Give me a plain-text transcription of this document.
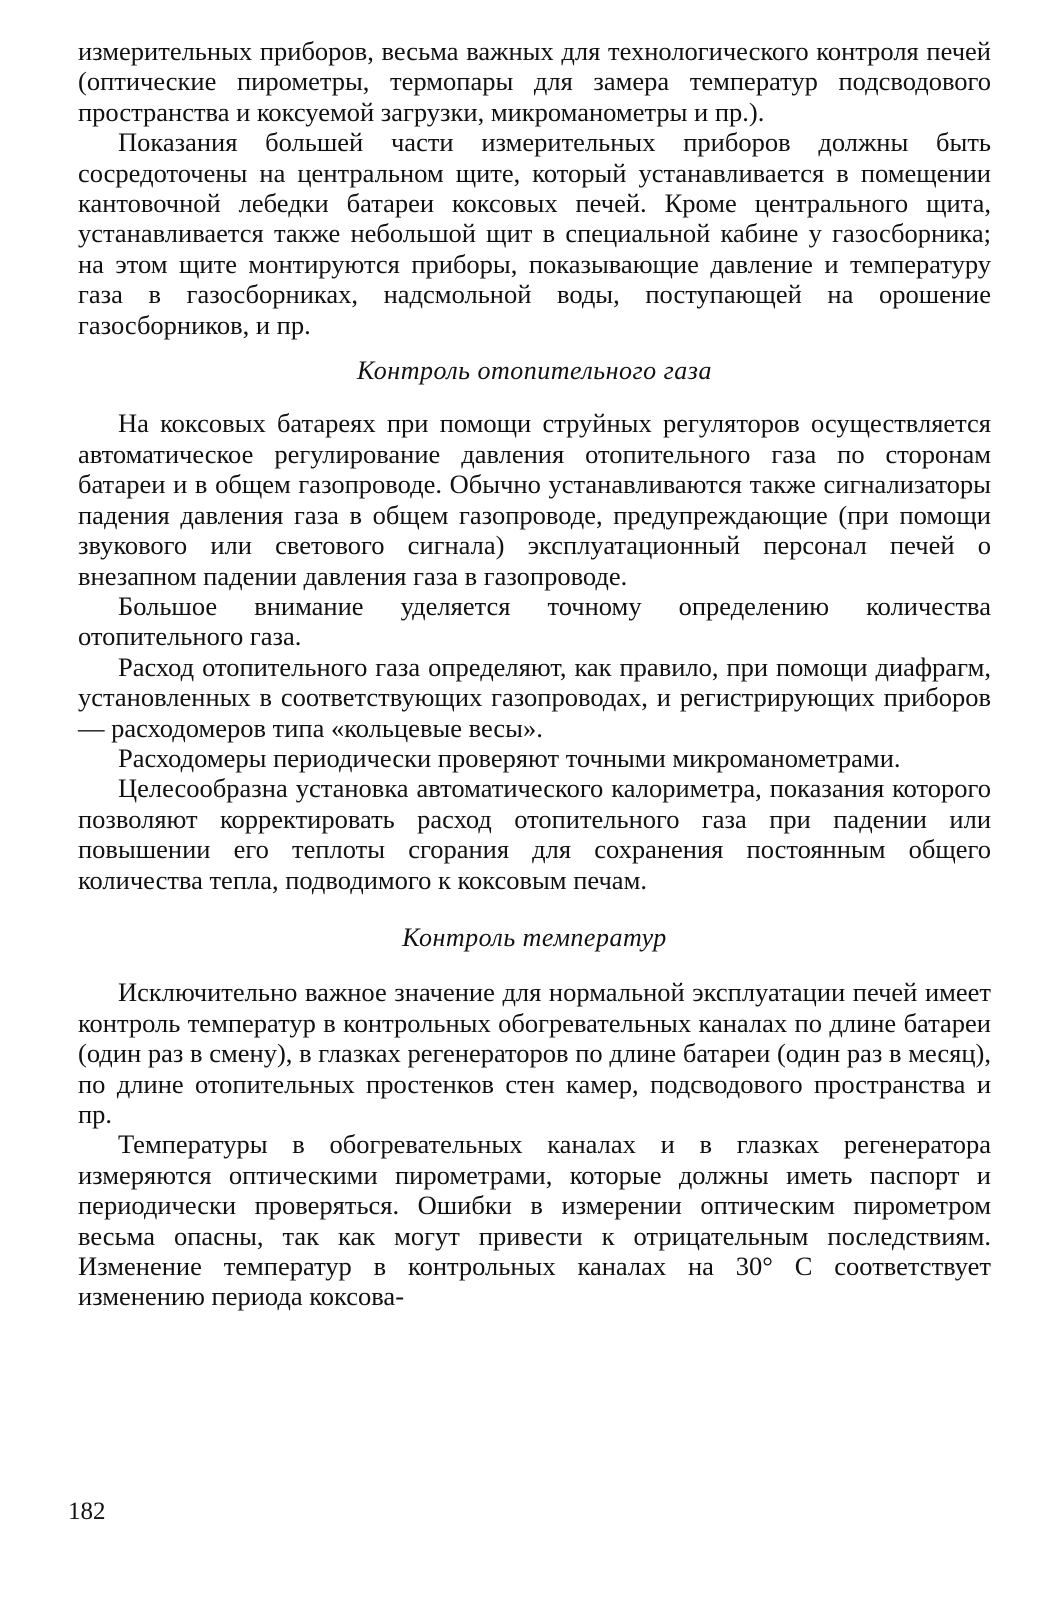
измерительных приборов, весьма важных для технологического контроля печей (оптические пирометры, термопары для замера температур подсводового пространства и коксуемой загрузки, микроманометры и пр.).

Показания большей части измерительных приборов должны быть сосредоточены на центральном щите, который устанавливается в помещении кантовочной лебедки батареи коксовых печей. Кроме центрального щита, устанавливается также небольшой щит в специальной кабине у газосборника; на этом щите монтируются приборы, показывающие давление и температуру газа в газосборниках, надсмольной воды, поступающей на орошение газосборников, и пр.

Контроль отопительного газа

На коксовых батареях при помощи струйных регуляторов осуществляется автоматическое регулирование давления отопительного газа по сторонам батареи и в общем газопроводе. Обычно устанавливаются также сигнализаторы падения давления газа в общем газопроводе, предупреждающие (при помощи звукового или светового сигнала) эксплуатационный персонал печей о внезапном падении давления газа в газопроводе.

Большое внимание уделяется точному определению количества отопительного газа.

Расход отопительного газа определяют, как правило, при помощи диафрагм, установленных в соответствующих газопроводах, и регистрирующих приборов — расходомеров типа «кольцевые весы».

Расходомеры периодически проверяют точными микроманометрами.

Целесообразна установка автоматического калориметра, показания которого позволяют корректировать расход отопительного газа при падении или повышении его теплоты сгорания для сохранения постоянным общего количества тепла, подводимого к коксовым печам.

Контроль температур

Исключительно важное значение для нормальной эксплуатации печей имеет контроль температур в контрольных обогревательных каналах по длине батареи (один раз в смену), в глазках регенераторов по длине батареи (один раз в месяц), по длине отопительных простенков стен камер, подсводового пространства и пр.

Температуры в обогревательных каналах и в глазках регенератора измеряются оптическими пирометрами, которые должны иметь паспорт и периодически проверяться. Ошибки в измерении оптическим пирометром весьма опасны, так как могут привести к отрицательным последствиям. Изменение температур в контрольных каналах на 30° С соответствует изменению периода коксова-

182
